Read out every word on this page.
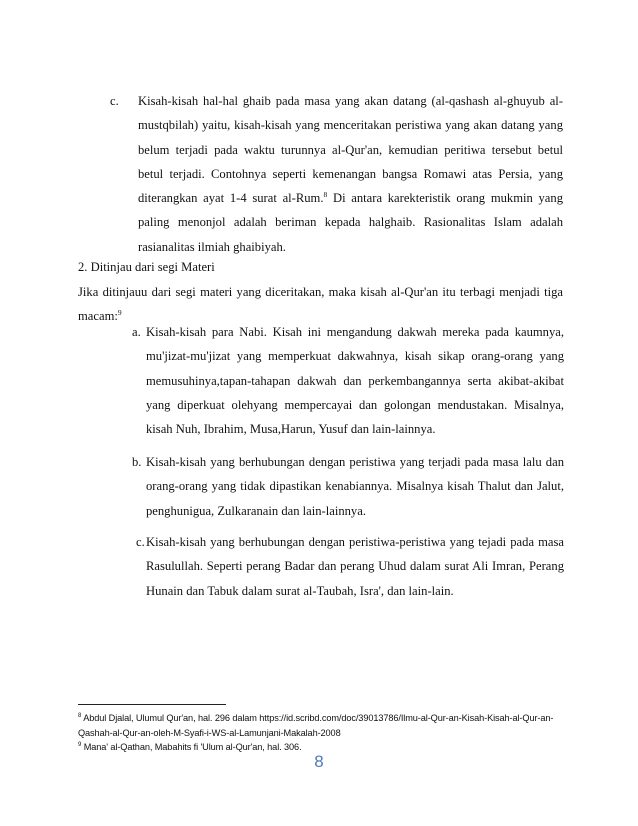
c. Kisah-kisah hal-hal ghaib pada masa yang akan datang (al-qashash al-ghuyub al-mustqbilah) yaitu, kisah-kisah yang menceritakan peristiwa yang akan datang yang belum terjadi pada waktu turunnya al-Qur'an, kemudian peritiwa tersebut betul betul terjadi. Contohnya seperti kemenangan bangsa Romawi atas Persia, yang diterangkan ayat 1-4 surat al-Rum.$^8$ Di antara karekteristik orang mukmin yang paling menonjol adalah beriman kepada halghaib. Rasionalitas Islam adalah rasianalitas ilmiah ghaibiyah.
2. Ditinjau dari segi Materi
Jika ditinjauu dari segi materi yang diceritakan, maka kisah al-Qur'an itu terbagi menjadi tiga macam:$^9$
a. Kisah-kisah para Nabi. Kisah ini mengandung dakwah mereka pada kaumnya, mu'jizat-mu'jizat yang memperkuat dakwahnya, kisah sikap orang-orang yang memusuhinya,tapan-tahapan dakwah dan perkembangannya serta akibat-akibat yang diperkuat olehyang mempercayai dan golongan mendustakan. Misalnya, kisah Nuh, Ibrahim, Musa,Harun, Yusuf dan lain-lainnya.
b. Kisah-kisah yang berhubungan dengan peristiwa yang terjadi pada masa lalu dan orang-orang yang tidak dipastikan kenabiannya. Misalnya kisah Thalut dan Jalut, penghunigua, Zulkaranain dan lain-lainnya.
c. Kisah-kisah yang berhubungan dengan peristiwa-peristiwa yang tejadi pada masa Rasulullah. Seperti perang Badar dan perang Uhud dalam surat Ali Imran, Perang Hunain dan Tabuk dalam surat al-Taubah, Isra', dan lain-lain.

$^8$ Abdul Djalal, Ulumul Qur'an, hal. 296 dalam https://id.scribd.com/doc/39013786/Ilmu-al-Qur-an-Kisah-Kisah-al-Qur-an-Qashah-al-Qur-an-oleh-M-Syafi-i-WS-al-Lamunjani-Makalah-2008

$^9$ Mana' al-Qathan, Mabahits fi 'Ulum al-Qur'an, hal. 306.

8
